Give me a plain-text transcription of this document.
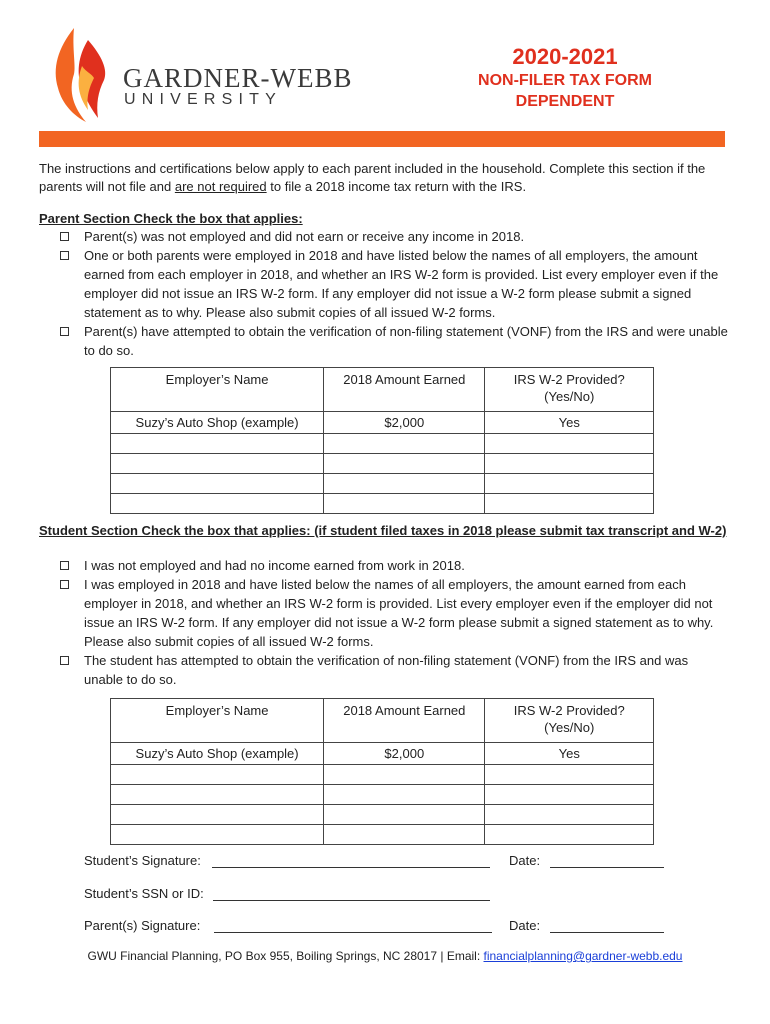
GARDNER-WEBB
UNIVERSITY
2020-2021
NON-FILER TAX FORM
DEPENDENT
The instructions and certifications below apply to each parent included in the household. Complete this section if the parents will not file and are not required to file a 2018 income tax return with the IRS.
Parent Section Check the box that applies:
Parent(s) was not employed and did not earn or receive any income in 2018.
One or both parents were employed in 2018 and have listed below the names of all employers, the amount earned from each employer in 2018, and whether an IRS W-2 form is provided. List every employer even if the employer did not issue an IRS W-2 form. If any employer did not issue a W-2 form please submit a signed statement as to why. Please also submit copies of all issued W-2 forms.
Parent(s) have attempted to obtain the verification of non-filing statement (VONF) from the IRS and were unable to do so.
Employer’s Name	2018 Amount Earned	IRS W-2 Provided? (Yes/No)
Suzy’s Auto Shop (example)	$2,000	Yes

Student Section Check the box that applies: (if student filed taxes in 2018 please submit tax transcript and W-2)
I was not employed and had no income earned from work in 2018.
I was employed in 2018 and have listed below the names of all employers, the amount earned from each employer in 2018, and whether an IRS W-2 form is provided. List every employer even if the employer did not issue an IRS W-2 form. If any employer did not issue a W-2 form please submit a signed statement as to why. Please also submit copies of all issued W-2 forms.
The student has attempted to obtain the verification of non-filing statement (VONF) from the IRS and was unable to do so.
Employer’s Name	2018 Amount Earned	IRS W-2 Provided? (Yes/No)
Suzy’s Auto Shop (example)	$2,000	Yes

Student’s Signature:	Date:
Student’s SSN or ID:
Parent(s) Signature:	Date:
GWU Financial Planning, PO Box 955, Boiling Springs, NC 28017 | Email: financialplanning@gardner-webb.edu
